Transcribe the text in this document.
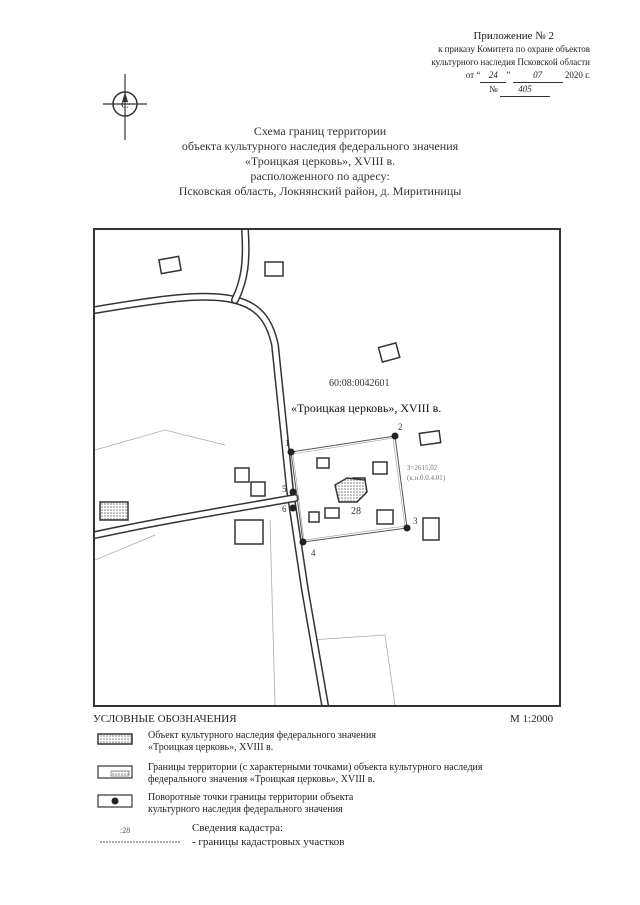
С
Приложение № 2
к приказу Комитета по охране объектов
культурного наследия Псковской области
от “ 24 ”	07	2020 г.
№ 405
Схема границ территории
объекта культурного наследия федерального значения
«Троицкая церковь», XVIII в.
расположенного по адресу:
Псковская область, Локнянский район, д. Миритиницы
1
2
3
4
5
6
60:08:0042601
«Троицкая церковь», XVIII в.
28
З=2615,02
(к.н.0.0.4.01)
УСЛОВНЫЕ ОБОЗНАЧЕНИЯ	М 1:2000
Объект культурного наследия федерального значения
«Троицкая церковь», XVIII в.
Границы территории (с характерными точками) объекта культурного наследия
федерального значения «Троицкая церковь», XVIII в.
Поворотные точки границы территории объекта
культурного наследия федерального значения
:28	Сведения кадастра:
- границы кадастровых участков
